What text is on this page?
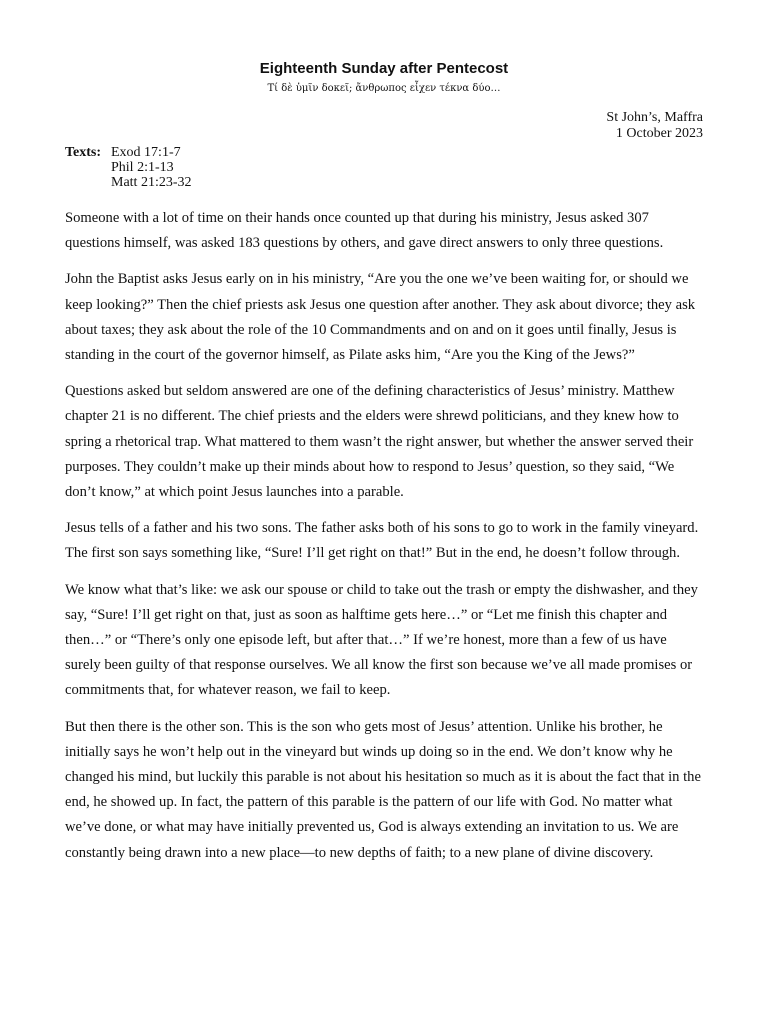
Eighteenth Sunday after Pentecost
Τί δὲ ὑμῖν δοκεῖ; ἄνθρωπος εἶχεν τέκνα δύο…
St John’s, Maffra
1 October 2023
Texts: Exod 17:1-7
Phil 2:1-13
Matt 21:23-32

Someone with a lot of time on their hands once counted up that during his ministry, Jesus asked 307 questions himself, was asked 183 questions by others, and gave direct answers to only three questions.

John the Baptist asks Jesus early on in his ministry, “Are you the one we’ve been waiting for, or should we keep looking?” Then the chief priests ask Jesus one question after another. They ask about divorce; they ask about taxes; they ask about the role of the 10 Commandments and on and on it goes until finally, Jesus is standing in the court of the governor himself, as Pilate asks him, “Are you the King of the Jews?”

Questions asked but seldom answered are one of the defining characteristics of Jesus’ ministry. Matthew chapter 21 is no different. The chief priests and the elders were shrewd politicians, and they knew how to spring a rhetorical trap. What mattered to them wasn’t the right answer, but whether the answer served their purposes. They couldn’t make up their minds about how to respond to Jesus’ question, so they said, “We don’t know,” at which point Jesus launches into a parable.

Jesus tells of a father and his two sons. The father asks both of his sons to go to work in the family vineyard. The first son says something like, “Sure! I’ll get right on that!” But in the end, he doesn’t follow through.

We know what that’s like: we ask our spouse or child to take out the trash or empty the dishwasher, and they say, “Sure! I’ll get right on that, just as soon as halftime gets here…” or “Let me finish this chapter and then…” or “There’s only one episode left, but after that…” If we’re honest, more than a few of us have surely been guilty of that response ourselves. We all know the first son because we’ve all made promises or commitments that, for whatever reason, we fail to keep.

But then there is the other son. This is the son who gets most of Jesus’ attention. Unlike his brother, he initially says he won’t help out in the vineyard but winds up doing so in the end. We don’t know why he changed his mind, but luckily this parable is not about his hesitation so much as it is about the fact that in the end, he showed up. In fact, the pattern of this parable is the pattern of our life with God. No matter what we’ve done, or what may have initially prevented us, God is always extending an invitation to us. We are constantly being drawn into a new place—to new depths of faith; to a new plane of divine discovery.
